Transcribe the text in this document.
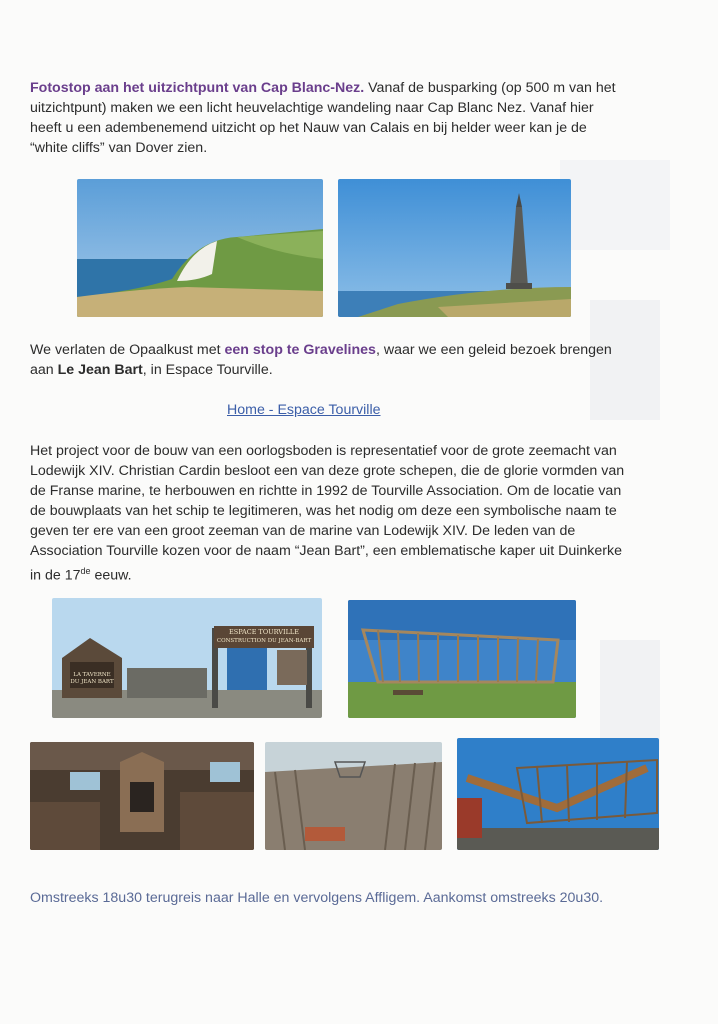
Fotostop aan het uitzichtpunt van Cap Blanc-Nez. Vanaf de busparking (op 500 m van het
uitzichtpunt) maken we een licht heuvelachtige wandeling naar Cap Blanc Nez. Vanaf hier
heeft u een adembenemend uitzicht op het Nauw van Calais en bij helder weer kan je de
“white cliffs” van Dover zien.
We verlaten de Opaalkust met een stop te Gravelines, waar we een geleid bezoek brengen
aan Le Jean Bart, in Espace Tourville.
Home - Espace Tourville
Het project voor de bouw van een oorlogsboden is representatief voor de grote zeemacht van
Lodewijk XIV. Christian Cardin besloot een van deze grote schepen, die de glorie vormden van
de Franse marine, te herbouwen en richtte in 1992 de Tourville Association. Om de locatie van
de bouwplaats van het schip te legitimeren, was het nodig om deze een symbolische naam te
geven ter ere van een groot zeeman van de marine van Lodewijk XIV. De leden van de
Association Tourville kozen voor de naam “Jean Bart”, een emblematische kaper uit Duinkerke
in de 17de eeuw.
ESPACE TOURVILLE
CONSTRUCTION DU JEAN-BART
LA TAVERNE
DU JEAN BART
Omstreeks 18u30 terugreis naar Halle en vervolgens Affligem. Aankomst omstreeks 20u30.
